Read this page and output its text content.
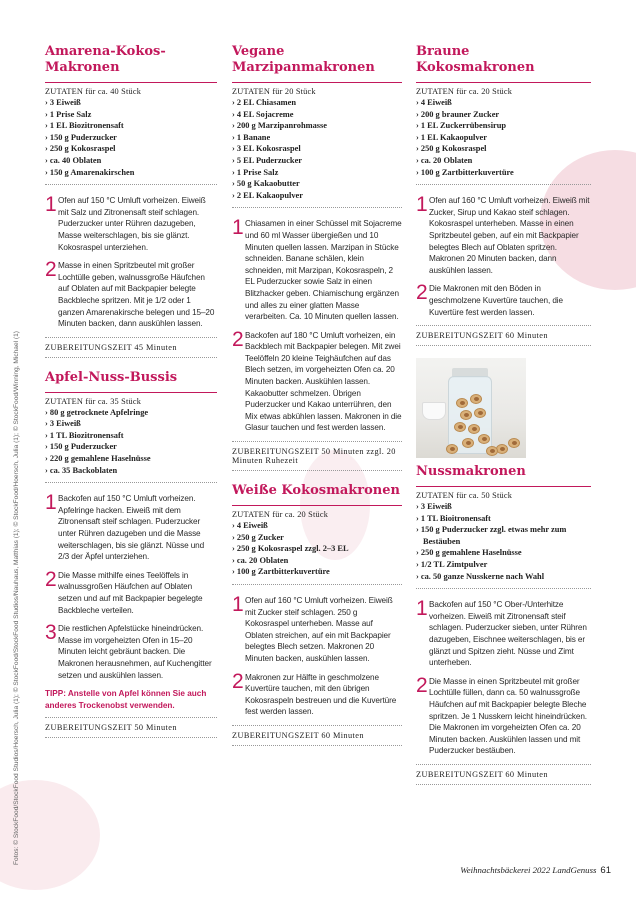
Fotos: © StockFood/StockFood Studios/Hoersch, Julia (1); © StockFood/StockFood Studios/Nauhaus, Matthias (1); © StockFood/Hoersch, Julia (1); © StockFood/Winning, Michael (1)
Amarena-Kokos-Makronen
ZUTATEN für ca. 40 Stück
› 3 Eiweiß
› 1 Prise Salz
› 1 EL Biozitronensaft
› 150 g Puderzucker
› 250 g Kokosraspel
› ca. 40 Oblaten
› 150 g Amarenakirschen
1 Ofen auf 150 °C Umluft vorheizen. Eiweiß mit Salz und Zitronensaft steif schlagen. Puderzucker unter Rühren dazugeben, Masse weiterschlagen, bis sie glänzt. Kokosraspel unterziehen.
2 Masse in einen Spritzbeutel mit großer Lochtülle geben, walnussgroße Häufchen auf Oblaten auf mit Backpapier belegte Backbleche spritzen. Mit je 1/2 oder 1 ganzen Amarenakirsche belegen und 15–20 Minuten backen, dann auskühlen lassen.
ZUBEREITUNGSZEIT 45 Minuten
Apfel-Nuss-Bussis
ZUTATEN für ca. 35 Stück
› 80 g getrocknete Apfelringe
› 3 Eiweiß
› 1 TL Biozitronensaft
› 150 g Puderzucker
› 220 g gemahlene Haselnüsse
› ca. 35 Backoblaten
1 Backofen auf 150 °C Umluft vorheizen. Apfelringe hacken. Eiweiß mit dem Zitronensaft steif schlagen. Puderzucker unter Rühren dazugeben und die Masse weiterschlagen, bis sie glänzt. Nüsse und 2/3 der Äpfel unterziehen.
2 Die Masse mithilfe eines Teelöffels in walnussgroßen Häufchen auf Oblaten setzen und auf mit Backpapier begelegte Backbleche verteilen.
3 Die restlichen Apfelstücke hineindrücken. Masse im vorgeheizten Ofen in 15–20 Minuten leicht gebräunt backen. Die Makronen herausnehmen, auf Kuchengitter setzen und auskühlen lassen.
TIPP: Anstelle von Apfel können Sie auch anderes Trockenobst verwenden.
ZUBEREITUNGSZEIT 50 Minuten
Vegane Marzipanmakronen
ZUTATEN für 20 Stück
› 2 EL Chiasamen
› 4 EL Sojacreme
› 200 g Marzipanrohmasse
› 1 Banane
› 3 EL Kokosraspel
› 5 EL Puderzucker
› 1 Prise Salz
› 50 g Kakaobutter
› 2 EL Kakaopulver
1 Chiasamen in einer Schüssel mit Sojacreme und 60 ml Wasser übergießen und 10 Minuten quellen lassen. Marzipan in Stücke schneiden. Banane schälen, klein schneiden, mit Marzipan, Kokosraspeln, 2 EL Puderzucker sowie Salz in einen Blitzhacker geben. Chiamischung ergänzen und alles zu einer glatten Masse verarbeiten. Ca. 10 Minuten quellen lassen.
2 Backofen auf 180 °C Umluft vorheizen, ein Backblech mit Backpapier belegen. Mit zwei Teelöffeln 20 kleine Teighäufchen auf das Blech setzen, im vorgeheizten Ofen ca. 20 Minuten backen. Auskühlen lassen. Kakaobutter schmelzen. Übrigen Puderzucker und Kakao unterrühren, den Mix etwas abkühlen lassen. Makronen in die Glasur tauchen und fest werden lassen.
ZUBEREITUNGSZEIT 50 Minuten zzgl. 20 Minuten Ruhezeit
Weiße Kokosmakronen
ZUTATEN für ca. 20 Stück
› 4 Eiweiß
› 250 g Zucker
› 250 g Kokosraspel zzgl. 2–3 EL
› ca. 20 Oblaten
› 100 g Zartbitterkuvertüre
1 Ofen auf 160 °C Umluft vorheizen. Eiweiß mit Zucker steif schlagen. 250 g Kokosraspel unterheben. Masse auf Oblaten streichen, auf ein mit Backpapier belegtes Blech setzen. Makronen 20 Minuten backen, auskühlen lassen.
2 Makronen zur Hälfte in geschmolzene Kuvertüre tauchen, mit den übrigen Kokosraspeln bestreuen und die Kuvertüre fest werden lassen.
ZUBEREITUNGSZEIT 60 Minuten
Braune Kokosmakronen
ZUTATEN für ca. 20 Stück
› 4 Eiweiß
› 200 g brauner Zucker
› 1 EL Zuckerrübensirup
› 1 EL Kakaopulver
› 250 g Kokosraspel
› ca. 20 Oblaten
› 100 g Zartbitterkuvertüre
1 Ofen auf 160 °C Umluft vorheizen. Eiweiß mit Zucker, Sirup und Kakao steif schlagen. Kokosraspel unterheben. Masse in einen Spritzbeutel geben, auf ein mit Backpapier belegtes Blech auf Oblaten spritzen. Makronen 20 Minuten backen, dann auskühlen lassen.
2 Die Makronen mit den Böden in geschmolzene Kuvertüre tauchen, die Kuvertüre fest werden lassen.
ZUBEREITUNGSZEIT 60 Minuten
Nussmakronen
ZUTATEN für ca. 50 Stück
› 3 Eiweiß
› 1 TL Bioitronensaft
› 150 g Puderzucker zzgl. etwas mehr zum Bestäuben
› 250 g gemahlene Haselnüsse
› 1/2 TL Zimtpulver
› ca. 50 ganze Nusskerne nach Wahl
1 Backofen auf 150 °C Ober-/Unterhitze vorheizen. Eiweiß mit Zitronensaft steif schlagen. Puderzucker sieben, unter Rühren dazugeben, Eischnee weiterschlagen, bis er glänzt und Spitzen zieht. Nüsse und Zimt unterheben.
2 Die Masse in einen Spritzbeutel mit großer Lochtülle füllen, dann ca. 50 walnussgroße Häufchen auf mit Backpapier belegte Bleche spritzen. Je 1 Nusskern leicht hineindrücken. Die Makronen im vorgeheizten Ofen ca. 20 Minuten backen. Auskühlen lassen und mit Puderzucker bestäuben.
ZUBEREITUNGSZEIT 60 Minuten
Weihnachtsbäckerei 2022 LandGenuss 61
